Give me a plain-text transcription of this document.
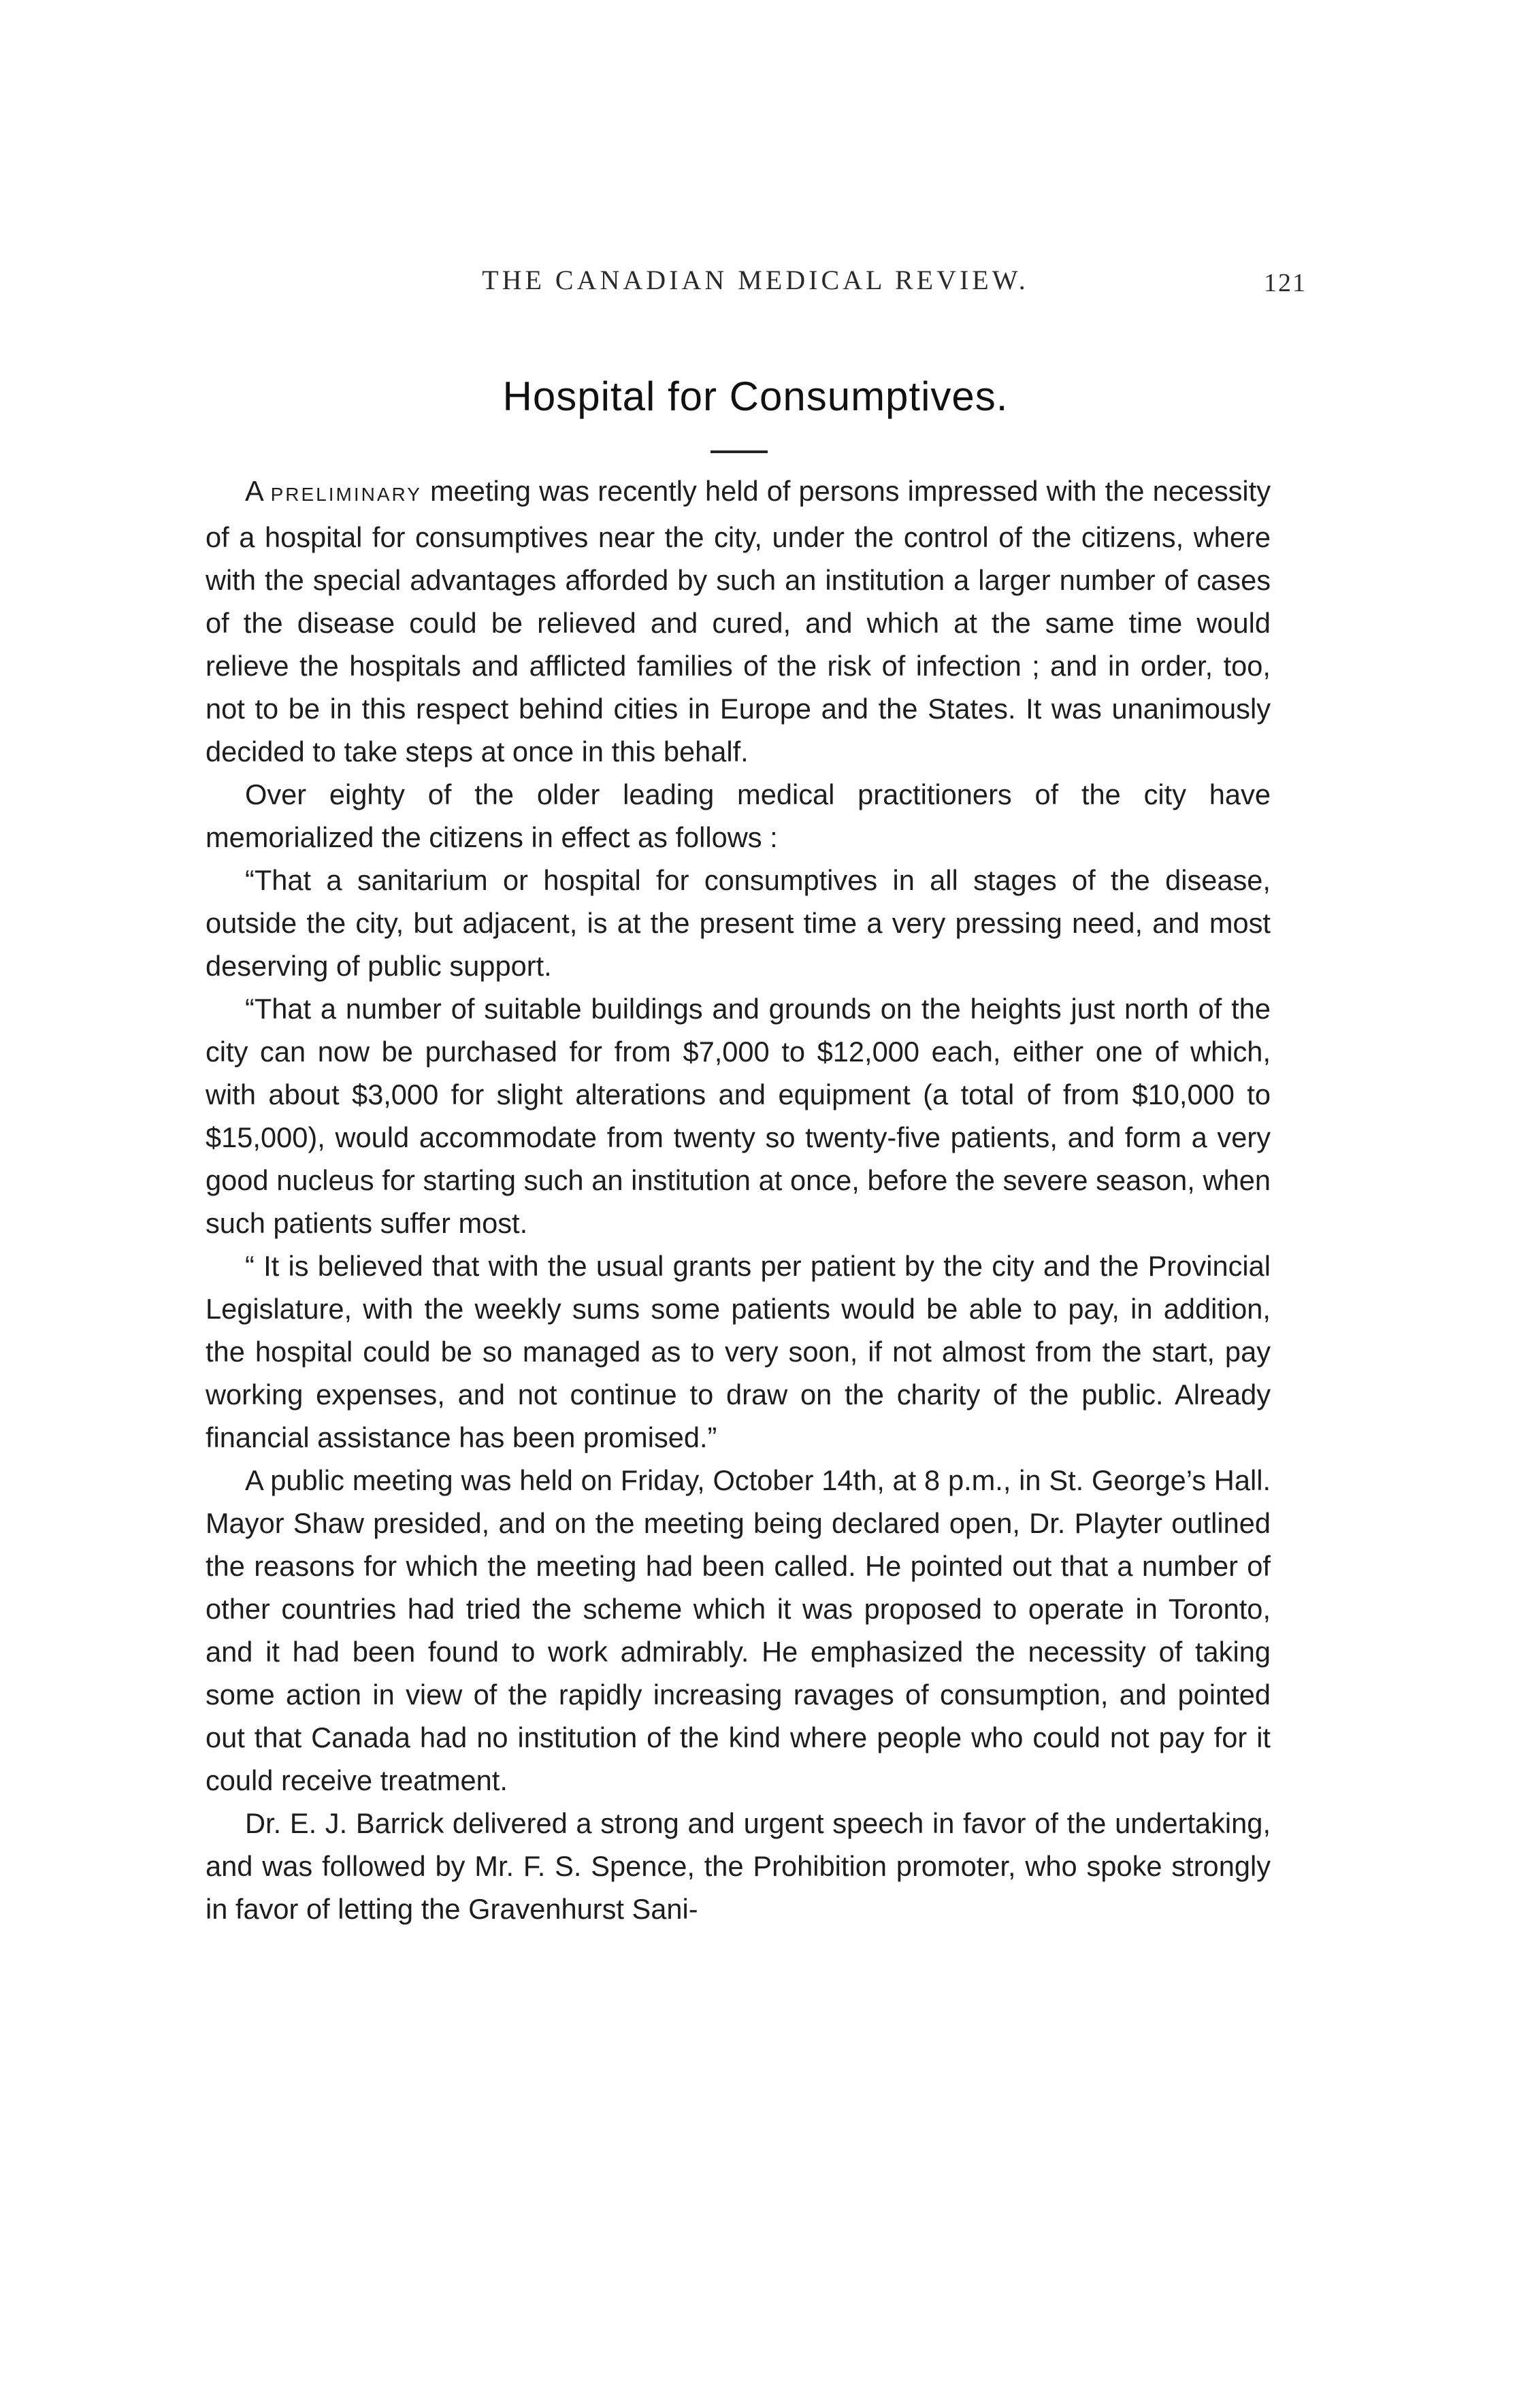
THE CANADIAN MEDICAL REVIEW.	121
Hospital for Consumptives.

A PRELIMINARY meeting was recently held of persons impressed with the necessity of a hospital for consumptives near the city, under the control of the citizens, where with the special advantages afforded by such an institution a larger number of cases of the disease could be relieved and cured, and which at the same time would relieve the hospitals and afflicted families of the risk of infection ; and in order, too, not to be in this respect behind cities in Europe and the States. It was unanimously decided to take steps at once in this behalf.

Over eighty of the older leading medical practitioners of the city have memorialized the citizens in effect as follows :

“That a sanitarium or hospital for consumptives in all stages of the disease, outside the city, but adjacent, is at the present time a very pressing need, and most deserving of public support.

“That a number of suitable buildings and grounds on the heights just north of the city can now be purchased for from $7,000 to $12,000 each, either one of which, with about $3,000 for slight alterations and equipment (a total of from $10,000 to $15,000), would accommodate from twenty so twenty-five patients, and form a very good nucleus for starting such an institution at once, before the severe season, when such patients suffer most.

“ It is believed that with the usual grants per patient by the city and the Provincial Legislature, with the weekly sums some patients would be able to pay, in addition, the hospital could be so managed as to very soon, if not almost from the start, pay working expenses, and not continue to draw on the charity of the public. Already financial assistance has been promised.”

A public meeting was held on Friday, October 14th, at 8 p.m., in St. George’s Hall. Mayor Shaw presided, and on the meeting being declared open, Dr. Playter outlined the reasons for which the meeting had been called. He pointed out that a number of other countries had tried the scheme which it was proposed to operate in Toronto, and it had been found to work admirably. He emphasized the necessity of taking some action in view of the rapidly increasing ravages of consumption, and pointed out that Canada had no institution of the kind where people who could not pay for it could receive treatment.

Dr. E. J. Barrick delivered a strong and urgent speech in favor of the undertaking, and was followed by Mr. F. S. Spence, the Prohibition promoter, who spoke strongly in favor of letting the Gravenhurst Sani-
